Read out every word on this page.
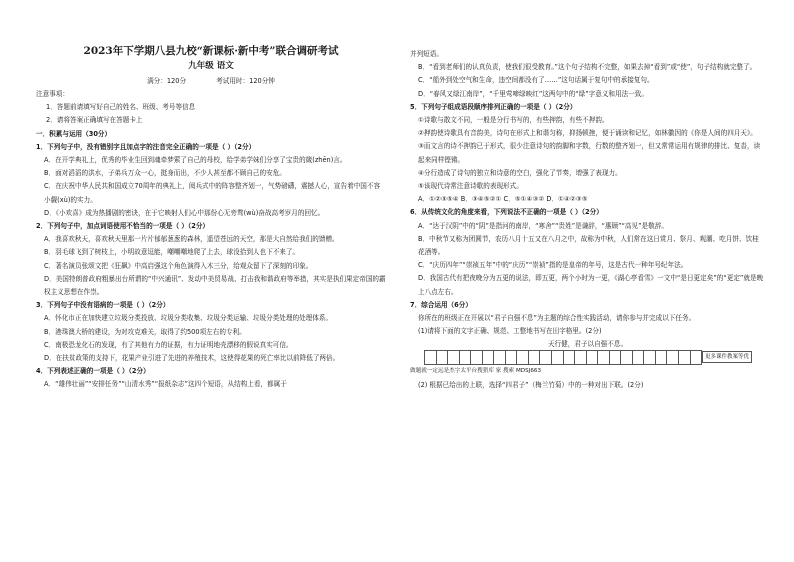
2023年下学期八县九校“新课标·新中考”联合调研考试
九年级 语文
满分：120分	考试用时：120分钟

注意事项：

1．答题前请填写好自己的姓名、班级、考号等信息

2．请将答案正确填写在答题卡上

一．积累与运用（30分）

1．下列句子中，没有错别字且加点字的注音完全正确的一项是（ ）（2分）

A．在开学典礼上，优秀的毕业生回到魂牵梦萦了自己的母校，给学弟学妹们分享了宝贵的箴(zhēn)言。

B．面对滔滔的洪水，子弟兵万众一心，挺身而出，不少人甚至都不顾自己的安危。

C．在庆祝中华人民共和国成立70周年的典礼上，阅兵式中的阵容整齐划一，气势磅礴，震撼人心，宣告着中国不容小觑(xù)的实力。

D．《小欢喜》成为热播剧的密诀，在于它映射人们心中那份心无旁骛(wù)奋战高考岁月的回忆。

2．下列句子中，加点词语使用不恰当的一项是（ ）（2分）

A．我喜欢秋天，喜欢秋天里那一片片郁郁葱葱的森林，遥望苍远的天空，那是大自然给我们的馈赠。

B．羽毛球飞到了树枝上，小明故意逗能，嘲嘲嘲地爬了上去，球没拾到人也下不来了。

C．著名演员张颂文把《狂飙》中高启强这个角色演得入木三分，给观众留下了深刻的印象。

D．美国特朗普政府粗暴出台所谓的“中兴通讯”、发动中美贸易战、打击我和谐政府等举措，其实是执们果定帝国的霸权主义思想在作祟。

3．下列句子中没有语病的一项是（ ）（2分）

A．怀化市正在加快建立垃圾分类投放、垃圾分类收集、垃圾分类运输、垃圾分类处理的处理体系。

B．港珠澳大桥的建设，为对攻克难关，取得了约500项左右的专利。

C．南极恐龙化石的发现，有了其他有力的证据，有力证明地壳漂移的假说真实可信。

D．在扶贫政策的支持下，花果产业引进了先进的养殖技术，这使得花果的死亡率比以前降低了两倍。

4．下列表述正确的一项是（ ）（2分）

A．“雄伟壮丽”“安排任务”“山清水秀”“报纸杂志”这四个短语，从结构上看，都属于

并列短语。

B．“看到老师们的认真负责，使我们很受教育。”这个句子结构不完整，如果去掉“看到”或“使”，句子结构就完整了。

C．“船外到处空气和生命，违空间都没有了……”这句话属于复句中的承接复句。

D．“春风又绿江南岸”，“千里莺啼绿映红”这两句中的“绿”字意义和用法一致。

5．下列句子组成语段顺序排列正确的一项是（ ）（2分）

①诗歌与散文不同，一般是分行书写的，有些押韵，有些不押韵。

②押韵使诗歌具有音韵美，诗句在形式上和谐匀称，抑扬顿挫，便于诵读和记忆，如林徽因的《你是人间的四月天》。

③而文言的诗不押韵已于形式，很少注意诗句的韵脚和字数，行数的整齐划一，但又常常运用有规律的排比、复沓，读起来同样铿锵。

④分行造成了诗句的独立和诗意的空白，强化了节奏，增强了表现力。

⑤该现代诗常注意诗歌的表现形式。

A．①②③⑤④ B．③④⑤②① C．⑤①④③② D．①④②③⑤

6．从传统文化的角度来看，下列说法不正确的一项是（ ）（2分）

A．“达于汉阴”中的“阴”是指河的南岸，“寒舍”“贵姓”是谦辞，“惠顾”“高见”是敬辞。

B．中秋节又称为团圆节，农历八月十五又在八月之中，故称为中秋，人们常在这日赏月、祭月、观潮、吃月饼、饮桂花酒等。

C．“庆历四年”“崇祯五年”中的“庆历”“崇祯”指的是皇帝的年号，这是古代一种年号纪年法。

D．我国古代有把夜晚分为五更的说法，即五更，两个小时为一更，《湖心亭看雪》一文中“是日更定矣”的“更定”就是晚上八点左右。

7．综合运用（6分）

你所在的班级正在开展以“君子自强不息”为主题的综合性实践活动，请你参与并完成以下任务。

(1)请将下面的文字正确、规范、工整地书写在田字格里。(2分)

天行健，君子以自强不息。
更多课件教案等优

做题就一定远是杰字太平台搜猎库 家 搜索 MDSJ663

(2) 根据已给出的上联，选择“四君子”（梅兰竹菊）中的一种对出下联。(2分)
